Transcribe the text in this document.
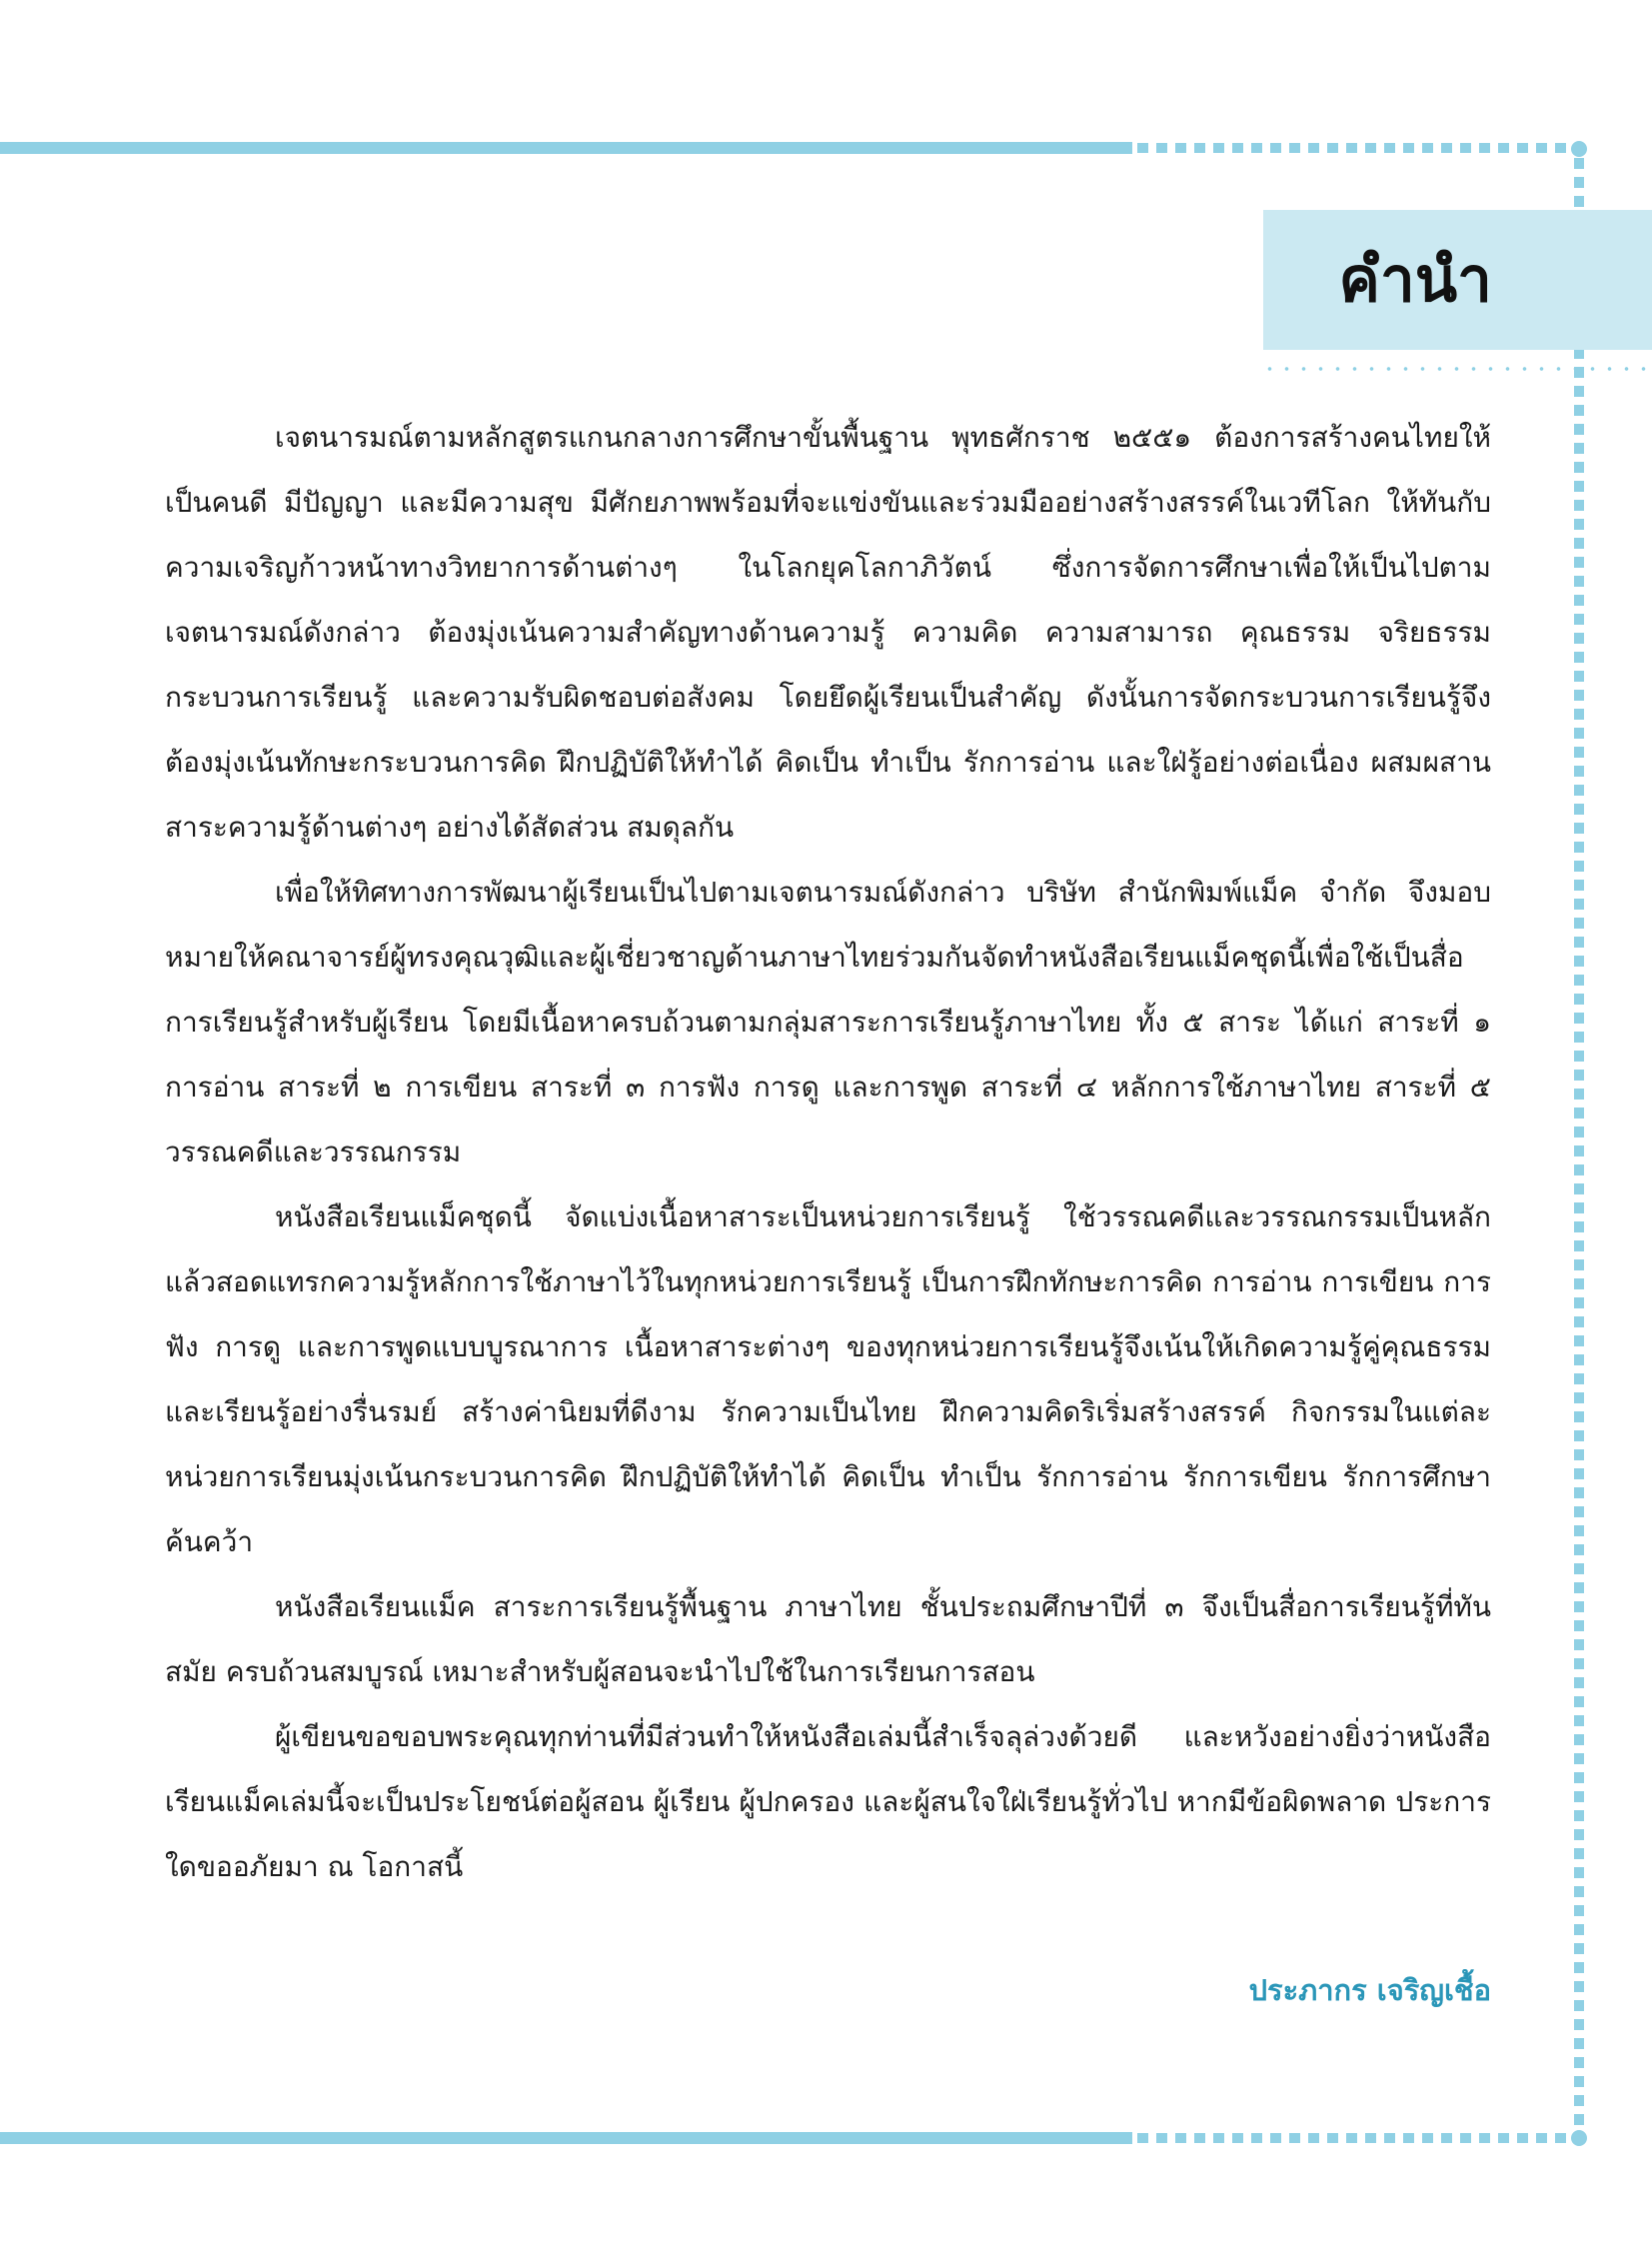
คำนำ

เจตนารมณ์ตามหลักสูตรแกนกลางการศึกษาขั้นพื้นฐาน พุทธศักราช ๒๕๕๑ ต้องการสร้างคนไทยให้เป็นคนดี มีปัญญา และมีความสุข มีศักยภาพพร้อมที่จะแข่งขันและร่วมมืออย่างสร้างสรรค์ในเวทีโลก ให้ทันกับความเจริญก้าวหน้าทางวิทยาการด้านต่างๆ ในโลกยุคโลกาภิวัตน์ ซึ่งการจัดการศึกษาเพื่อให้เป็นไปตามเจตนารมณ์ดังกล่าว ต้องมุ่งเน้นความสำคัญทางด้านความรู้ ความคิด ความสามารถ คุณธรรม จริยธรรม กระบวนการเรียนรู้ และความรับผิดชอบต่อสังคม โดยยึดผู้เรียนเป็นสำคัญ ดังนั้นการจัดกระบวนการเรียนรู้จึงต้องมุ่งเน้นทักษะกระบวนการคิด ฝึกปฏิบัติให้ทำได้ คิดเป็น ทำเป็น รักการอ่าน และใฝ่รู้อย่างต่อเนื่อง ผสมผสานสาระความรู้ด้านต่างๆ อย่างได้สัดส่วน สมดุลกัน

เพื่อให้ทิศทางการพัฒนาผู้เรียนเป็นไปตามเจตนารมณ์ดังกล่าว บริษัท สำนักพิมพ์แม็ค จำกัด จึงมอบหมายให้คณาจารย์ผู้ทรงคุณวุฒิและผู้เชี่ยวชาญด้านภาษาไทยร่วมกันจัดทำหนังสือเรียนแม็คชุดนี้เพื่อใช้เป็นสื่อการเรียนรู้สำหรับผู้เรียน โดยมีเนื้อหาครบถ้วนตามกลุ่มสาระการเรียนรู้ภาษาไทย ทั้ง ๕ สาระ ได้แก่ สาระที่ ๑ การอ่าน สาระที่ ๒ การเขียน สาระที่ ๓ การฟัง การดู และการพูด สาระที่ ๔ หลักการใช้ภาษาไทย สาระที่ ๕ วรรณคดีและวรรณกรรม

หนังสือเรียนแม็คชุดนี้ จัดแบ่งเนื้อหาสาระเป็นหน่วยการเรียนรู้ ใช้วรรณคดีและวรรณกรรมเป็นหลัก แล้วสอดแทรกความรู้หลักการใช้ภาษาไว้ในทุกหน่วยการเรียนรู้ เป็นการฝึกทักษะการคิด การอ่าน การเขียน การฟัง การดู และการพูดแบบบูรณาการ เนื้อหาสาระต่างๆ ของทุกหน่วยการเรียนรู้จึงเน้นให้เกิดความรู้คู่คุณธรรม และเรียนรู้อย่างรื่นรมย์ สร้างค่านิยมที่ดีงาม รักความเป็นไทย ฝึกความคิดริเริ่มสร้างสรรค์ กิจกรรมในแต่ละหน่วยการเรียนมุ่งเน้นกระบวนการคิด ฝึกปฏิบัติให้ทำได้ คิดเป็น ทำเป็น รักการอ่าน รักการเขียน รักการศึกษาค้นคว้า

หนังสือเรียนแม็ค สาระการเรียนรู้พื้นฐาน ภาษาไทย ชั้นประถมศึกษาปีที่ ๓ จึงเป็นสื่อการเรียนรู้ที่ทันสมัย ครบถ้วนสมบูรณ์ เหมาะสำหรับผู้สอนจะนำไปใช้ในการเรียนการสอน

ผู้เขียนขอขอบพระคุณทุกท่านที่มีส่วนทำให้หนังสือเล่มนี้สำเร็จลุล่วงด้วยดี และหวังอย่างยิ่งว่าหนังสือเรียนแม็คเล่มนี้จะเป็นประโยชน์ต่อผู้สอน ผู้เรียน ผู้ปกครอง และผู้สนใจใฝ่เรียนรู้ทั่วไป หากมีข้อผิดพลาด ประการใดขออภัยมา ณ โอกาสนี้

ประภากร เจริญเชื้อ
